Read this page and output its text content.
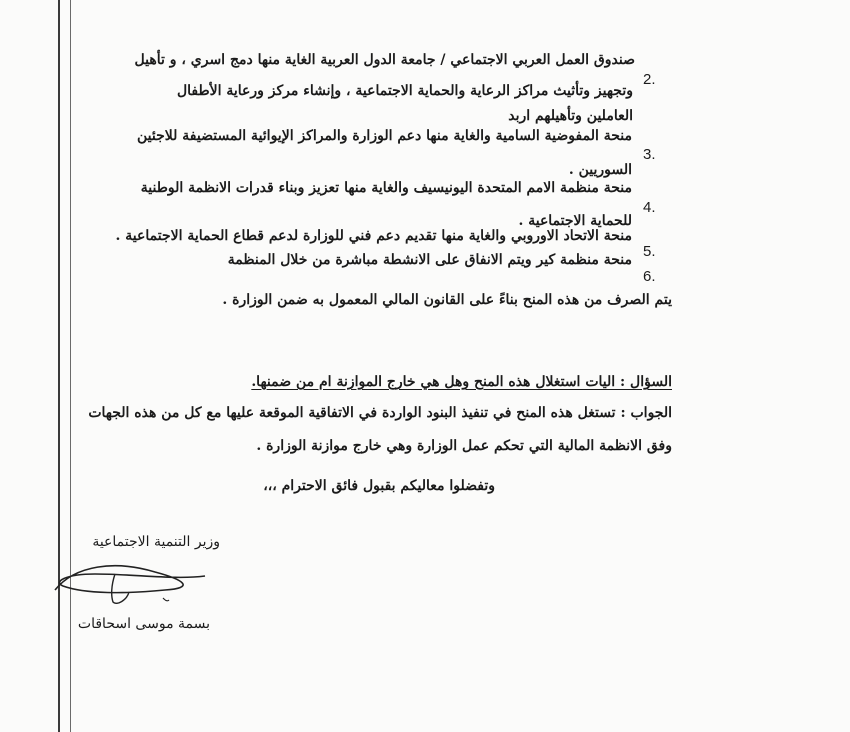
2.
صندوق العمل العربي الاجتماعي / جامعة الدول العربية الغاية منها دمج اسري ، و تأهيل
وتجهيز وتأثيث مراكز الرعاية والحماية الاجتماعية ، وإنشاء مركز ورعاية الأطفال
العاملين وتأهيلهم اربد
3.
منحة المفوضية السامية والغاية منها دعم الوزارة والمراكز الإيوائية المستضيفة للاجئين
السوريين .
4.
منحة منظمة الامم المتحدة اليونيسيف والغاية منها تعزيز وبناء قدرات الانظمة الوطنية
للحماية الاجتماعية .
5.
منحة الاتحاد الاوروبي والغاية منها تقديم دعم فني للوزارة لدعم قطاع الحماية الاجتماعية .
6.
منحة منظمة كير ويتم الانفاق على الانشطة مباشرة من خلال المنظمة
يتم الصرف من هذه المنح بناءً على القانون المالي المعمول به ضمن الوزارة .
السؤال : اليات استغلال هذه المنح وهل هي خارج الموازنة ام من ضمنها.
الجواب : تستغل هذه المنح في تنفيذ البنود الواردة في الاتفاقية الموقعة عليها مع كل من هذه الجهات
وفق الانظمة المالية التي تحكم عمل الوزارة وهي خارج موازنة الوزارة .
وتفضلوا معاليكم بقبول فائق الاحترام ،،،
وزير التنمية الاجتماعية
بسمة موسى اسحاقات
